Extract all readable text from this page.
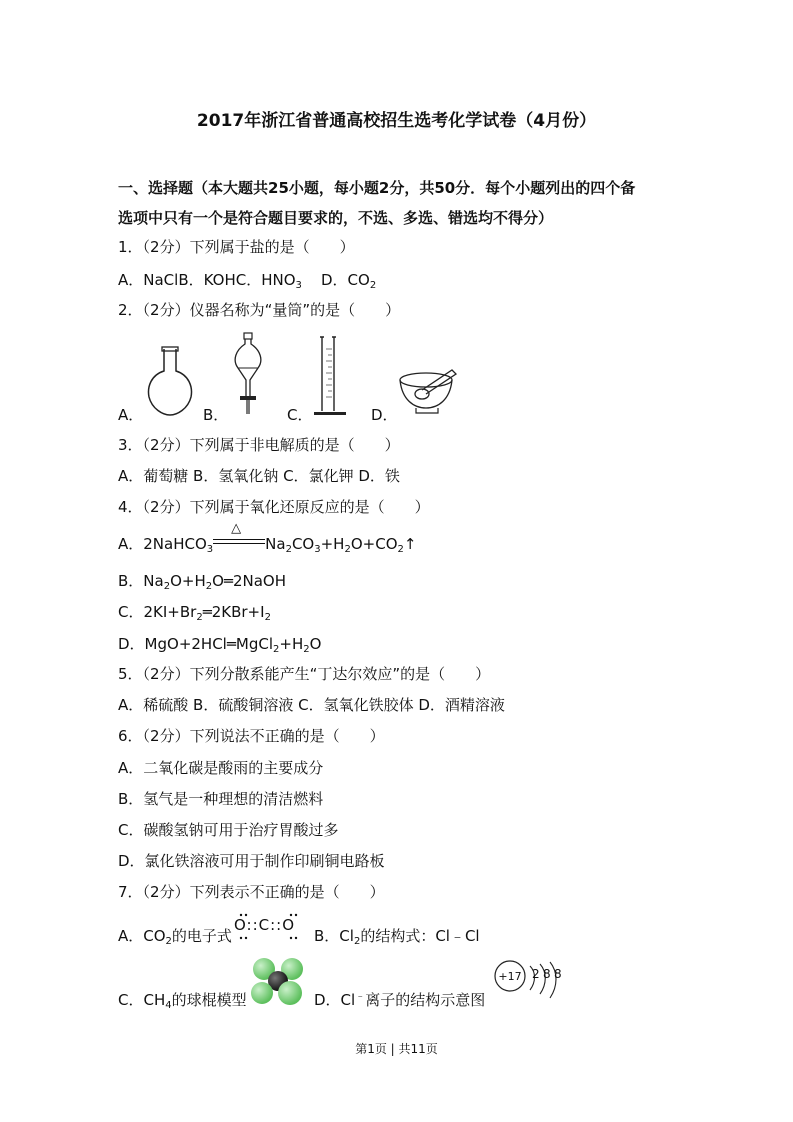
2017年浙江省普通高校招生选考化学试卷（4月份）
一、选择题（本大题共25小题，每小题2分，共50分．每个小题列出的四个备
选项中只有一个是符合题目要求的，不选、多选、错选均不得分）
1．（2分）下列属于盐的是（　　）
A．NaClB．KOHC．$HNO_3$ D．$CO_2$
2．（2分）仪器名称为“量筒”的是（　　）
A．	B．	C．	D．
3．（2分）下列属于非电解质的是（　　）
A．葡萄糖 B．氢氧化钠 C．氯化钾 D．铁
4．（2分）下列属于氧化还原反应的是（　　）
A．2NaHCO$_3$
△
$Na_2CO_3+H_2O+CO_2↑$
B．$Na_2O+H_2O═2NaOH$
C．$2KI+Br_2═2KBr+I_2$
D．$MgO+2HCl═MgCl_2+H_2O$
5．（2分）下列分散系能产生“丁达尔效应”的是（　　）
A．稀硫酸 B．硫酸铜溶液 C．氢氧化铁胶体 D．酒精溶液
6．（2分）下列说法不正确的是（　　）
A．二氧化碳是酸雨的主要成分
B．氢气是一种理想的清洁燃料
C．碳酸氢钠可用于治疗胃酸过多
D．氯化铁溶液可用于制作印刷铜电路板
7．（2分）下列表示不正确的是（　　）
A．$CO_2$的电子式
O::C::O
B．$Cl_2$的结构式：Cl﹣Cl
C．$CH_4$的球棍模型	D．Cl﹣离子的结构示意图
+17 2 8 8
第1页 | 共11页
